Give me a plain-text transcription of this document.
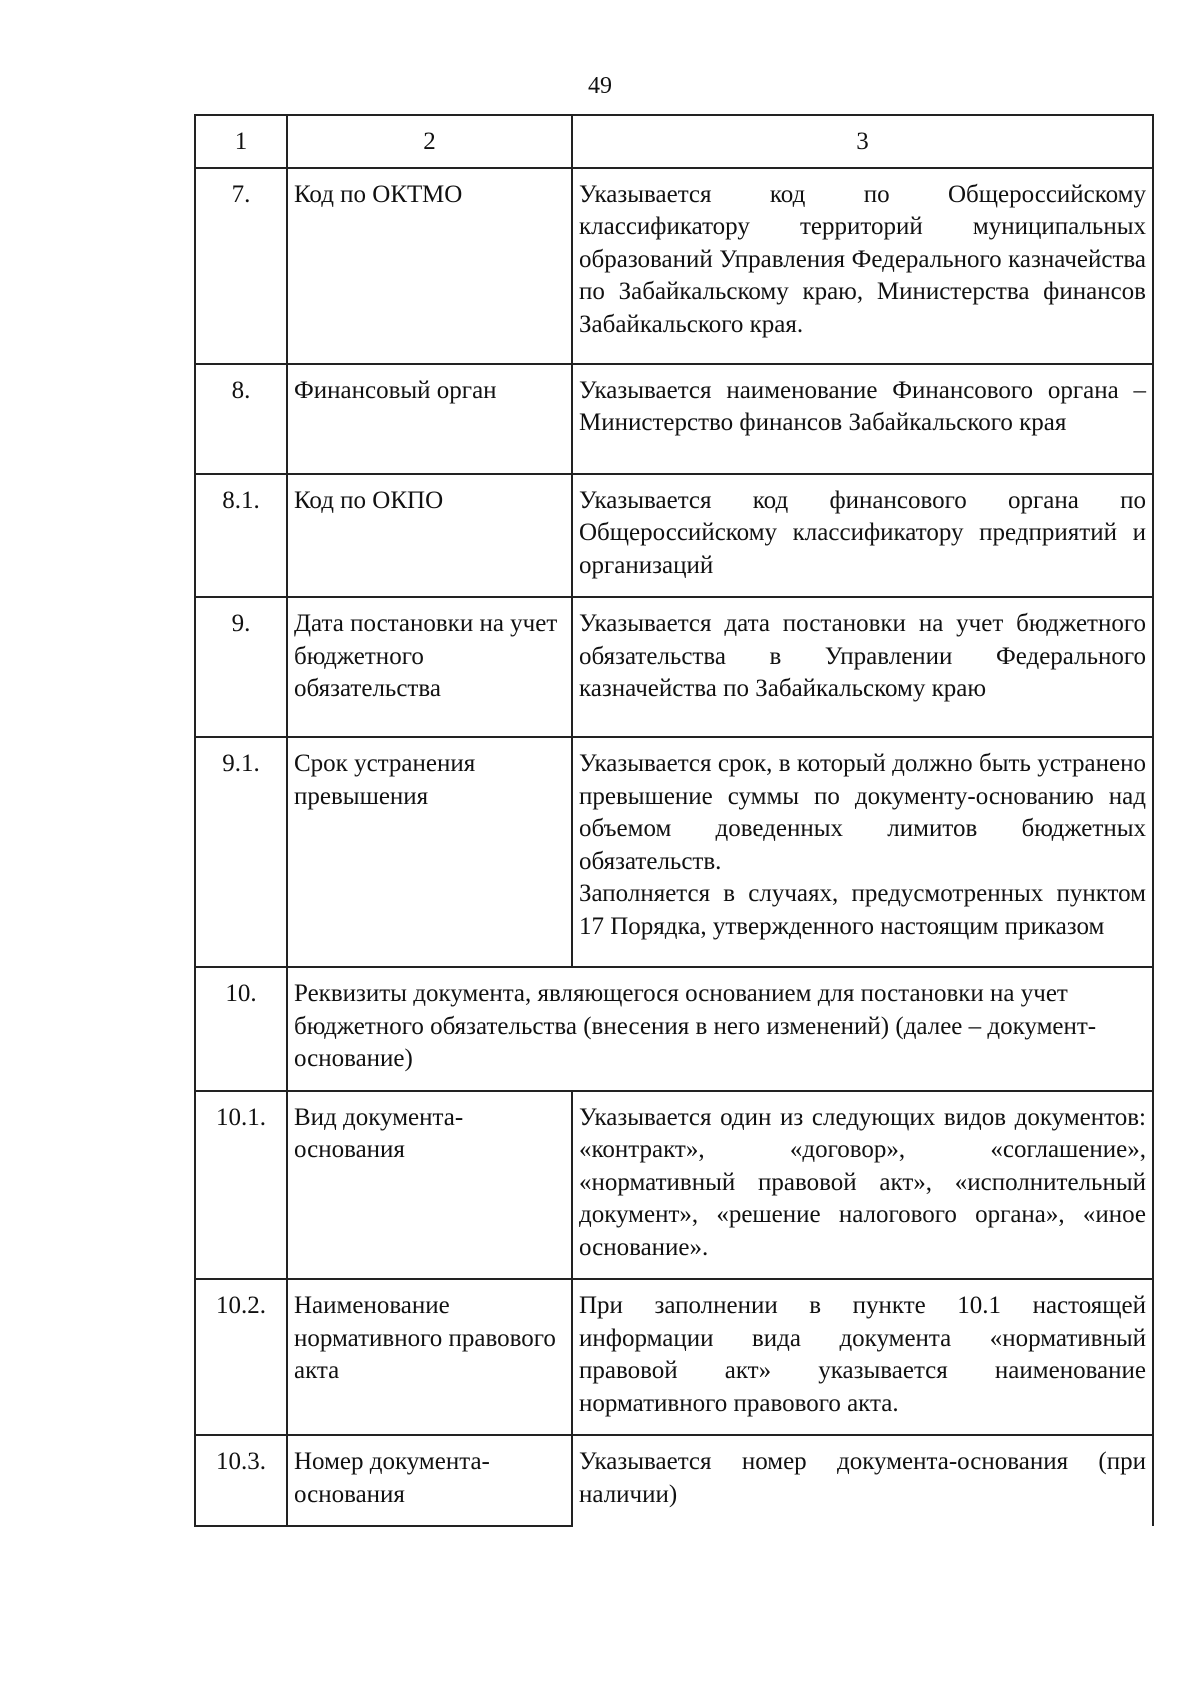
49
1	2	3
7.	Код по ОКТМО	Указывается код по Общероссийскому классификатору территорий муниципальных образований Управления Федерального казначейства по Забайкальскому краю, Министерства финансов Забайкальского края.

8.	Финансовый орган	Указывается наименование Финансового органа – Министерство финансов Забайкальского края

8.1.	Код по ОКПО	Указывается код финансового органа по Общероссийскому классификатору предприятий и организаций

9.	Дата постановки на учет бюджетного обязательства	Указывается дата постановки на учет бюджетного обязательства в Управлении Федерального казначейства по Забайкальскому краю

9.1.	Срок устранения превышения	Указывается срок, в который должно быть устранено превышение суммы по документу-основанию над объемом доведенных лимитов бюджетных обязательств.

Заполняется в случаях, предусмотренных пунктом 17 Порядка, утвержденного настоящим приказом

10.	Реквизиты документа, являющегося основанием для постановки на учет бюджетного обязательства (внесения в него изменений) (далее – документ-основание)	
10.1.	Вид документа-основания	Указывается один из следующих видов документов: «контракт», «договор», «соглашение», «нормативный правовой акт», «исполнительный документ», «решение налогового органа», «иное основание».

10.2.	Наименование нормативного правового акта	При заполнении в пункте 10.1 настоящей информации вида документа «нормативный правовой акт» указывается наименование нормативного правового акта.

10.3.	Номер документа-основания	Указывается номер документа-основания (при наличии)
